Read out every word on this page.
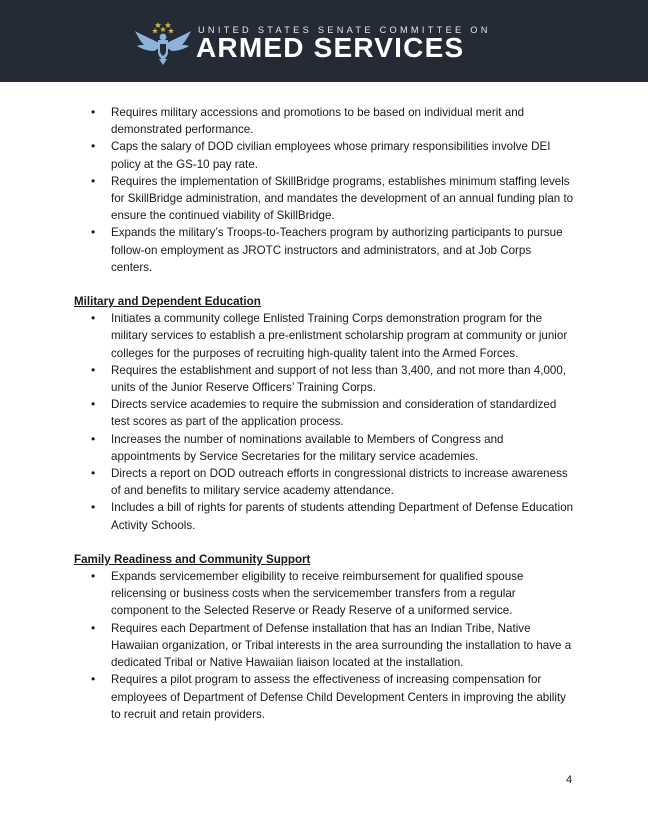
UNITED STATES SENATE COMMITTEE ON
ARMED SERVICES
• Requires military accessions and promotions to be based on individual merit and demonstrated performance.
• Caps the salary of DOD civilian employees whose primary responsibilities involve DEI policy at the GS-10 pay rate.
• Requires the implementation of SkillBridge programs, establishes minimum staffing levels for SkillBridge administration, and mandates the development of an annual funding plan to ensure the continued viability of SkillBridge.
• Expands the military’s Troops-to-Teachers program by authorizing participants to pursue follow-on employment as JROTC instructors and administrators, and at Job Corps centers.
Military and Dependent Education
• Initiates a community college Enlisted Training Corps demonstration program for the military services to establish a pre-enlistment scholarship program at community or junior colleges for the purposes of recruiting high-quality talent into the Armed Forces.
• Requires the establishment and support of not less than 3,400, and not more than 4,000, units of the Junior Reserve Officers’ Training Corps.
• Directs service academies to require the submission and consideration of standardized test scores as part of the application process.
• Increases the number of nominations available to Members of Congress and appointments by Service Secretaries for the military service academies.
• Directs a report on DOD outreach efforts in congressional districts to increase awareness of and benefits to military service academy attendance.
• Includes a bill of rights for parents of students attending Department of Defense Education Activity Schools.
Family Readiness and Community Support
• Expands servicemember eligibility to receive reimbursement for qualified spouse relicensing or business costs when the servicemember transfers from a regular component to the Selected Reserve or Ready Reserve of a uniformed service.
• Requires each Department of Defense installation that has an Indian Tribe, Native Hawaiian organization, or Tribal interests in the area surrounding the installation to have a dedicated Tribal or Native Hawaiian liaison located at the installation.
• Requires a pilot program to assess the effectiveness of increasing compensation for employees of Department of Defense Child Development Centers in improving the ability to recruit and retain providers.
4
